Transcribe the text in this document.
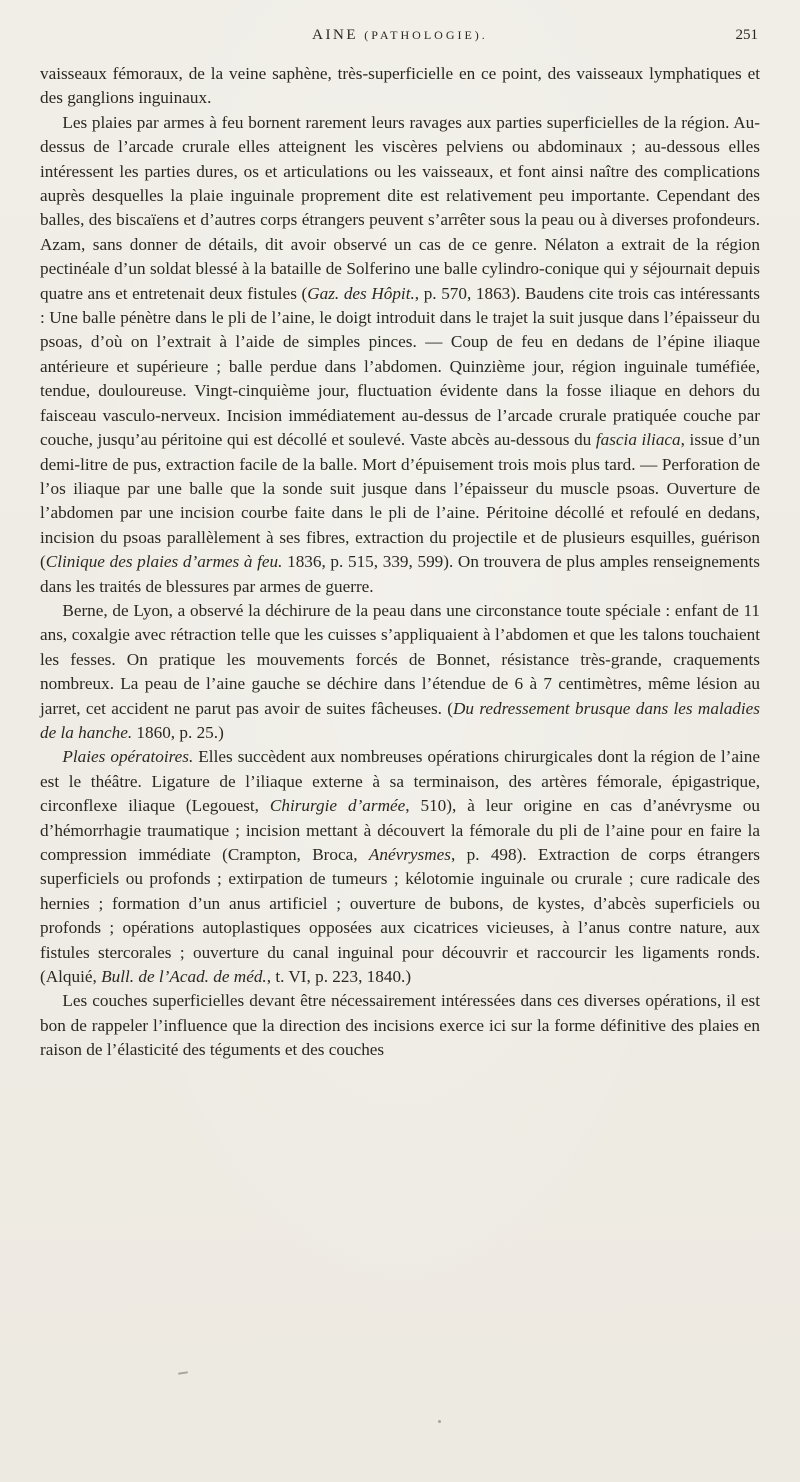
AINE (PATHOLOGIE).	251

vaisseaux fémoraux, de la veine saphène, très-superficielle en ce point, des vaisseaux lymphatiques et des ganglions inguinaux.

Les plaies par armes à feu bornent rarement leurs ravages aux parties superficielles de la région. Au-dessus de l’arcade crurale elles atteignent les viscères pelviens ou abdominaux ; au-dessous elles intéressent les parties dures, os et articulations ou les vaisseaux, et font ainsi naître des complications auprès desquelles la plaie inguinale proprement dite est relativement peu importante. Cependant des balles, des biscaïens et d’autres corps étrangers peuvent s’arrêter sous la peau ou à diverses profondeurs. Azam, sans donner de détails, dit avoir observé un cas de ce genre. Nélaton a extrait de la région pectinéale d’un soldat blessé à la bataille de Solferino une balle cylindro-conique qui y séjournait depuis quatre ans et entretenait deux fistules (Gaz. des Hôpit., p. 570, 1863). Baudens cite trois cas intéressants : Une balle pénètre dans le pli de l’aine, le doigt introduit dans le trajet la suit jusque dans l’épaisseur du psoas, d’où on l’extrait à l’aide de simples pinces. — Coup de feu en dedans de l’épine iliaque antérieure et supérieure ; balle perdue dans l’abdomen. Quinzième jour, région inguinale tuméfiée, tendue, douloureuse. Vingt-cinquième jour, fluctuation évidente dans la fosse iliaque en dehors du faisceau vasculo-nerveux. Incision immédiatement au-dessus de l’arcade crurale pratiquée couche par couche, jusqu’au péritoine qui est décollé et soulevé. Vaste abcès au-dessous du fascia iliaca, issue d’un demi-litre de pus, extraction facile de la balle. Mort d’épuisement trois mois plus tard. — Perforation de l’os iliaque par une balle que la sonde suit jusque dans l’épaisseur du muscle psoas. Ouverture de l’abdomen par une incision courbe faite dans le pli de l’aine. Péritoine décollé et refoulé en dedans, incision du psoas parallèlement à ses fibres, extraction du projectile et de plusieurs esquilles, guérison (Clinique des plaies d’armes à feu. 1836, p. 515, 339, 599). On trouvera de plus amples renseignements dans les traités de blessures par armes de guerre.

Berne, de Lyon, a observé la déchirure de la peau dans une circonstance toute spéciale : enfant de 11 ans, coxalgie avec rétraction telle que les cuisses s’appliquaient à l’abdomen et que les talons touchaient les fesses. On pratique les mouvements forcés de Bonnet, résistance très-grande, craquements nombreux. La peau de l’aine gauche se déchire dans l’étendue de 6 à 7 centimètres, même lésion au jarret, cet accident ne parut pas avoir de suites fâcheuses. (Du redressement brusque dans les maladies de la hanche. 1860, p. 25.)

Plaies opératoires. Elles succèdent aux nombreuses opérations chirurgicales dont la région de l’aine est le théâtre. Ligature de l’iliaque externe à sa terminaison, des artères fémorale, épigastrique, circonflexe iliaque (Legouest, Chirurgie d’armée, 510), à leur origine en cas d’anévrysme ou d’hémorrhagie traumatique ; incision mettant à découvert la fémorale du pli de l’aine pour en faire la compression immédiate (Crampton, Broca, Anévrysmes, p. 498). Extraction de corps étrangers superficiels ou profonds ; extirpation de tumeurs ; kélotomie inguinale ou crurale ; cure radicale des hernies ; formation d’un anus artificiel ; ouverture de bubons, de kystes, d’abcès superficiels ou profonds ; opérations autoplastiques opposées aux cicatrices vicieuses, à l’anus contre nature, aux fistules stercorales ; ouverture du canal inguinal pour découvrir et raccourcir les ligaments ronds. (Alquié, Bull. de l’Acad. de méd., t. VI, p. 223, 1840.)

Les couches superficielles devant être nécessairement intéressées dans ces diverses opérations, il est bon de rappeler l’influence que la direction des incisions exerce ici sur la forme définitive des plaies en raison de l’élasticité des téguments et des couches
